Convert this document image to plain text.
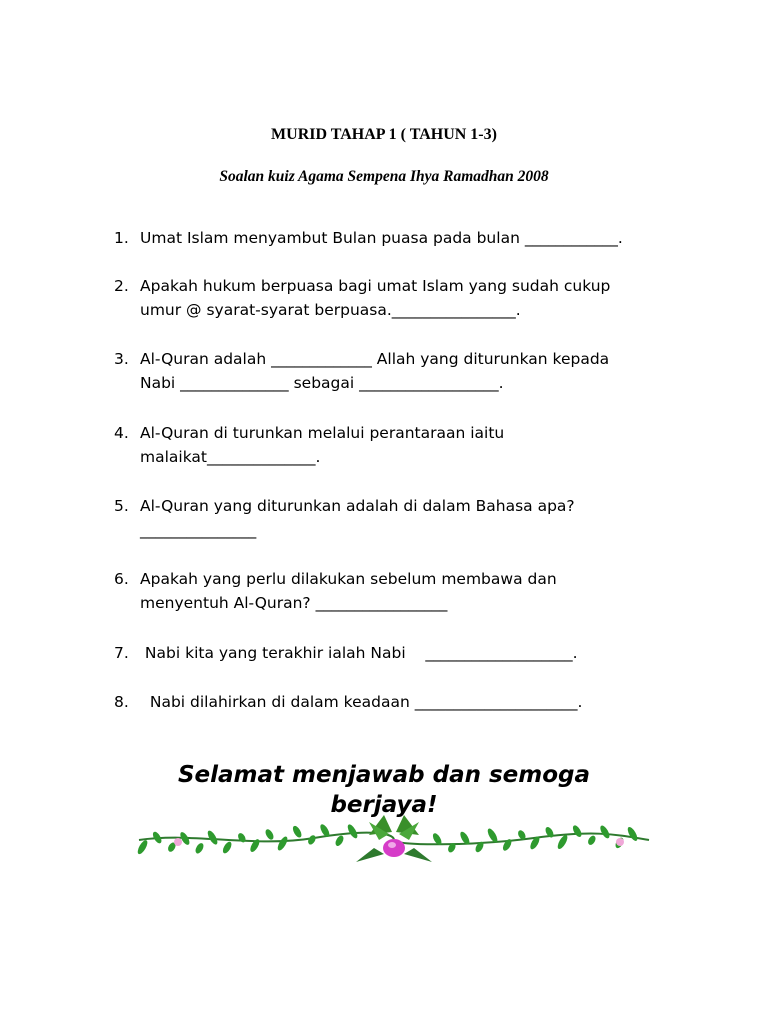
MURID TAHAP 1 ( TAHUN 1-3)
Soalan kuiz Agama Sempena Ihya Ramadhan 2008
1. Umat Islam menyambut Bulan puasa pada bulan ____________.
2. Apakah hukum berpuasa bagi umat Islam yang sudah cukup
umur @ syarat-syarat berpuasa.________________.
3. Al-Quran adalah _____________ Allah yang diturunkan kepada
Nabi ______________ sebagai __________________.
4. Al-Quran di turunkan melalui perantaraan iaitu
malaikat______________.
5. Al-Quran yang diturunkan adalah di dalam Bahasa apa?
_______________
6. Apakah yang perlu dilakukan sebelum membawa dan
menyentuh Al-Quran? _________________
7. Nabi kita yang terakhir ialah Nabi    ___________________.
8. Nabi dilahirkan di dalam keadaan _____________________.
Selamat menjawab dan semoga
berjaya!
